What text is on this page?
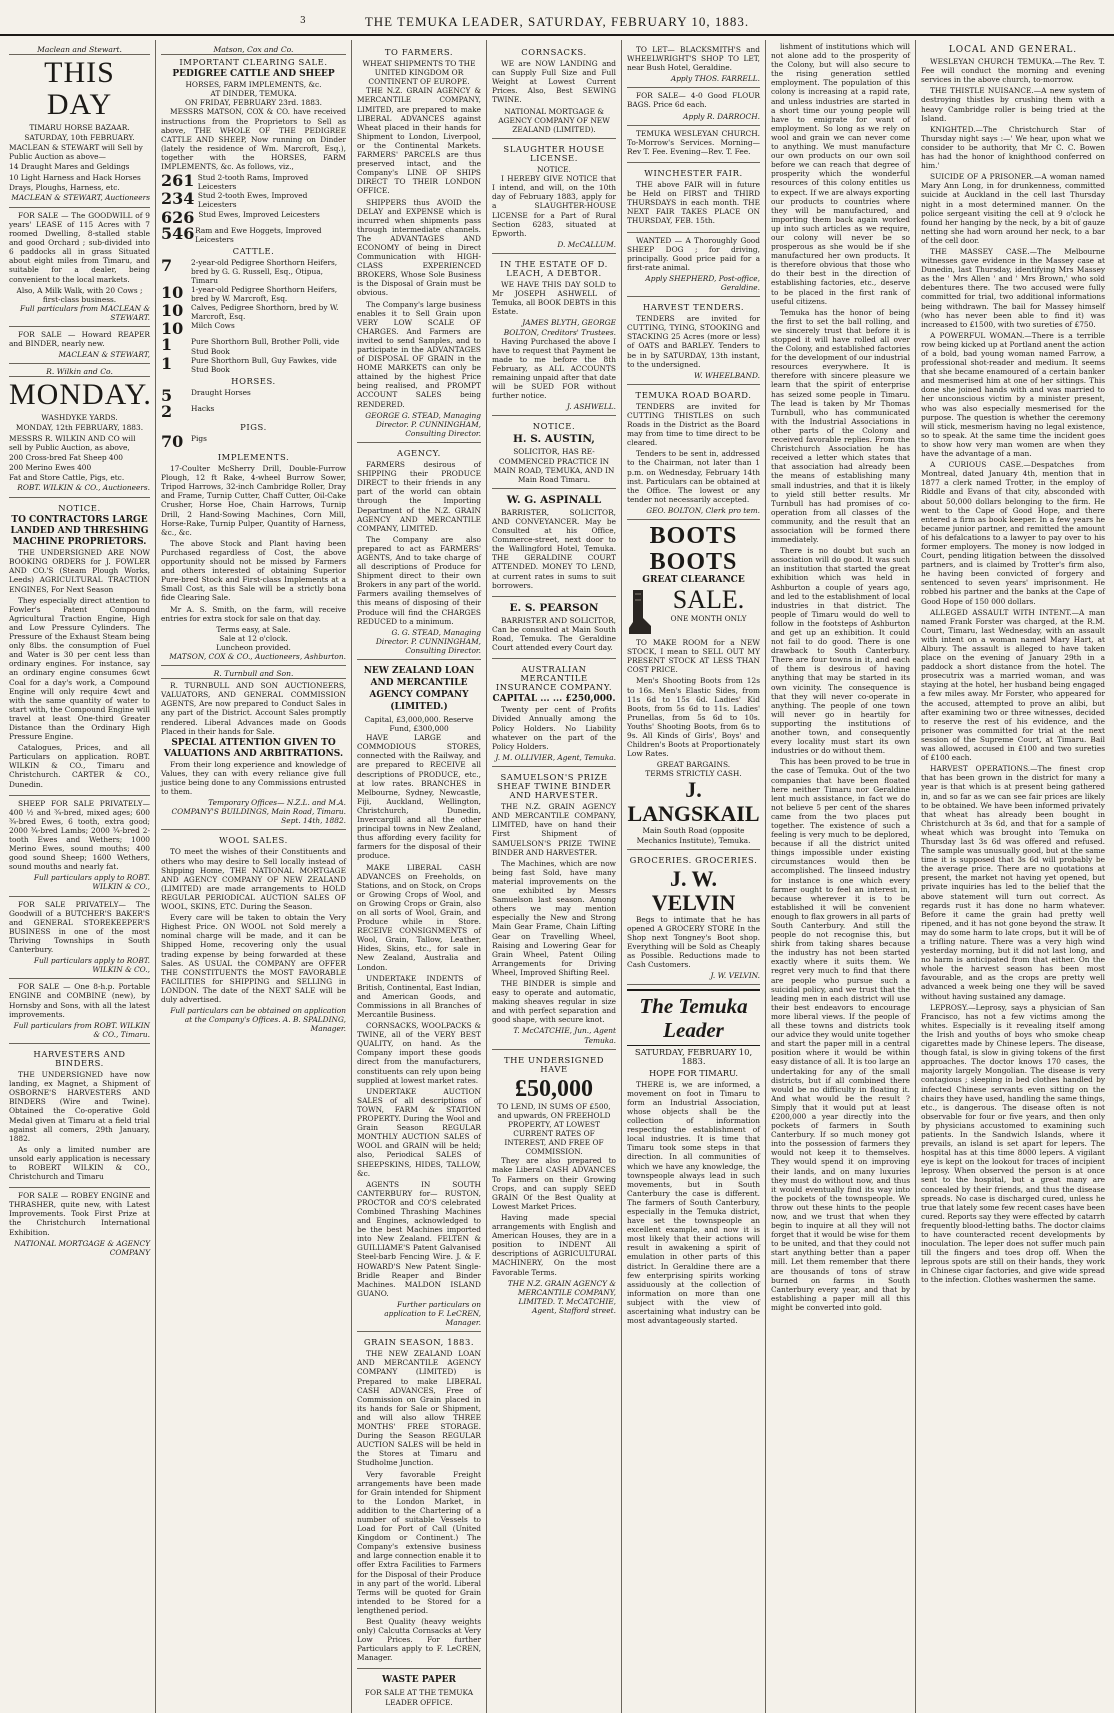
3	THE TEMUKA LEADER, SATURDAY, FEBRUARY 10, 1883.
Maclean and Stewart.
THIS DAY
TIMARU HORSE BAZAAR.
SATURDAY, 10th FEBRUARY.
MACLEAN & STEWART will Sell by Public Auction as above—
14 Draught Mares and Geldings
10 Light Harness and Hack Horses
Drays, Ploughs, Harness, etc.
MACLEAN & STEWART, Auctioneers
FOR SALE — The GOODWILL of 9 years' LEASE of 115 Acres with 7 roomed Dwelling, 8-stalled stable and good Orchard ; sub-divided into 6 paddocks all in grass Situated about eight miles from Timaru, and suitable for a dealer, being convenient to the local markets.
Also, A Milk Walk, with 20 Cows ; first-class business.
Full particulars from MACLEAN & STEWART.
FOR SALE — Howard REAPER and BINDER, nearly new.
MACLEAN & STEWART,
R. Wilkin and Co.
MONDAY.
WASHDYKE YARDS.
MONDAY, 12th FEBRUARY, 1883.
MESSRS R. WILKIN AND CO will sell by Public Auction, as above,
200 Cross-bred Fat Sheep 400
200 Merino Ewes 400
Fat and Store Cattle, Pigs, etc.
ROBT. WILKIN & CO., Auctioneers.
NOTICE.
TO CONTRACTORS LARGE LANDED AND THRESHING MACHINE PROPRIETORS.
THE UNDERSIGNED ARE NOW BOOKING ORDERS for J. FOWLER AND CO.'S (Steam Plough Works, Leeds) AGRICULTURAL TRACTION ENGINES, For Next Season
They especially direct attention to Fowler's Patent Compound Agricultural Traction Engine, High and Low Pressure Cylinders. The Pressure of the Exhaust Steam being only 8lbs. the consumption of Fuel and Water is 30 per cent less than ordinary engines. For instance, say an ordinary engine consumes 6cwt Coal for a day's work, a Compound Engine will only require 4cwt and with the same quantity of water to start with, the Compound Engine will travel at least One-third Greater Distance than the Ordinary High Pressure Engine.
Catalogues, Prices, and all Particulars on application. ROBT. WILKIN & CO., Timaru and Christchurch. CARTER & CO., Dunedin.
SHEEP FOR SALE PRIVATELY— 400 ½ and ¾-bred, mixed ages; 600 ¾-bred Ewes, 6 tooth, extra good; 2000 ¾-bred Lambs; 2000 ¾-bred 2-tooth Ewes and Wethers; 1000 Merino Ewes, sound mouths; 400 good sound Sheep; 1600 Wethers, sound mouths and nearly fat.
Full particulars apply to ROBT. WILKIN & CO.,
FOR SALE PRIVATELY— The Goodwill of a BUTCHER'S BAKER'S and GENERAL STOREKEEPER'S BUSINESS in one of the most Thriving Townships in South Canterbury.
Full particulars apply to ROBT. WILKIN & CO.,
FOR SALE — One 8-h.p. Portable ENGINE and COMBINE (new), by Hornsby and Sons, with all the latest improvements.
Full particulars from ROBT. WILKIN & CO., Timaru.
HARVESTERS AND BINDERS.
THE UNDERSIGNED have now landing, ex Magnet, a Shipment of OSBORNE'S HARVESTERS AND BINDERS (Wire and Twine). Obtained the Co-operative Gold Medal given at Timaru at a field trial against all comers, 29th January, 1882.
As only a limited number are unsold early application is necessary to ROBERT WILKIN & CO., Christchurch and Timaru
FOR SALE — ROBEY ENGINE and THRASHER, quite new, with Latest Improvements. Took First Prize at the Christchurch International Exhibition.
NATIONAL MORTGAGE & AGENCY COMPANY
Matson, Cox and Co.
IMPORTANT CLEARING SALE.
PEDIGREE CATTLE AND SHEEP
HORSES, FARM IMPLEMENTS, &c.
AT DINDER, TEMUKA.
ON FRIDAY, FEBRUARY 23rd. 1883.
MESSRS MATSON, COX & CO. have received instructions from the Proprietors to Sell as above, THE WHOLE OF THE PEDIGREE CATTLE AND SHEEP, Now running on Dinder (lately the residence of Wm. Marcroft, Esq.), together with the HORSES, FARM IMPLEMENTS, &c. As follows, viz.,
261 Stud 2-tooth Rams, Improved Leicesters
234 Stud 2-tooth Ewes, Improved Leicesters
626 Stud Ewes, Improved Leicesters
546 Ram and Ewe Hoggets, Improved Leicesters
CATTLE.
7	2-year-old Pedigree Shorthorn Heifers, bred by G. G. Russell, Esq., Otipua, Timaru
10	1-year-old Pedigree Shorthorn Heifers, bred by W. Marcroft, Esq.
10	Calves, Pedigree Shorthorn, bred by W. Marcroft, Esq.
10	Milch Cows
1	Pure Shorthorn Bull, Brother Polli, vide Stud Book
1	Pure Shorthorn Bull, Guy Fawkes, vide Stud Book
HORSES.
5	Draught Horses
2	Hacks
PIGS.
70	Pigs
IMPLEMENTS.
17-Coulter McSherry Drill, Double-Furrow Plough, 12 ft Rake, 4-wheel Burrow Sower, Tripod Harrows, 32-inch Cambridge Roller, Dray and Frame, Turnip Cutter, Chaff Cutter, Oil-Cake Crusher, Horse Hoe, Chain Harrows, Turnip Drill, 2 Hand-Sowing Machines, Corn Mill, Horse-Rake, Turnip Pulper, Quantity of Harness, &c., &c.
The above Stock and Plant having been Purchased regardless of Cost, the above opportunity should not be missed by Farmers and others interested of obtaining Superior Pure-bred Stock and First-class Implements at a Small Cost, as this Sale will be a strictly bona fide Clearing Sale.
Mr A. S. Smith, on the farm, will receive entries for extra stock for sale on that day.
Terms easy, at Sale.
Sale at 12 o'clock.
Luncheon provided.
MATSON, COX & CO., Auctioneers, Ashburton.
R. Turnbull and Son.
R. TURNBULL AND SON AUCTIONEERS, VALUATORS, AND GENERAL COMMISSION AGENTS, Are now prepared to Conduct Sales in any part of the District. Account Sales promptly rendered. Liberal Advances made on Goods Placed in their hands for Sale.
SPECIAL ATTENTION GIVEN TO VALUATIONS AND ARBITRATIONS.
From their long experience and knowledge of Values, they can with every reliance give full justice being done to any Commissions entrusted to them.
Temporary Offices— N.Z.L. and M.A. COMPANY'S BUILDINGS, Main Road, Timaru. Sept. 14th, 1882.
WOOL SALES.
TO meet the wishes of their Constituents and others who may desire to Sell locally instead of Shipping Home, THE NATIONAL MORTGAGE AND AGENCY COMPANY OF NEW ZEALAND (LIMITED) are made arrangements to HOLD REGULAR PERIODICAL AUCTION SALES OF WOOL, SKINS, ETC. During the Season.
Every care will be taken to obtain the Very Highest Price. ON WOOL not Sold merely a nominal charge will be made, and it can be Shipped Home, recovering only the usual trading expense by being forwarded at these Sales. AS USUAL the COMPANY are OFFER THE CONSTITUENTS the MOST FAVORABLE FACILITIES for SHIPPING and SELLING in LONDON. The date of the NEXT SALE will be duly advertised.
Full particulars can be obtained on application at the Company's Offices. A. B. SPALDING, Manager.
TO FARMERS.
WHEAT SHIPMENTS TO THE UNITED KINGDOM OR CONTINENT OF EUROPE.
THE N.Z. GRAIN AGENCY & MERCANTILE COMPANY, LIMITED, are prepared to make LIBERAL ADVANCES against Wheat placed in their hands for Shipment to London, Liverpool, or the Continental Markets. FARMERS' PARCELS are thus preserved intact, and the Company's LINE OF SHIPS DIRECT TO THEIR LONDON OFFICE.
SHIPPERS thus AVOID the DELAY and EXPENSE which is incurred when shipments pass through intermediate channels. The ADVANTAGES AND ECONOMY of being in Direct Communication with HIGH-CLASS EXPERIENCED BROKERS, Whose Sole Business is the Disposal of Grain must be obvious.
The Company's large business enables it to Sell Grain upon VERY LOW SCALE OF CHARGES. And Farmers are invited to send Samples, and to participate in the ADVANTAGES of DISPOSAL OF GRAIN in the HOME MARKETS can only be attained by the highest Price being realised, and PROMPT ACCOUNT SALES being RENDERED.
GEORGE G. STEAD, Managing Director. P. CUNNINGHAM, Consulting Director.
AGENCY.
FARMERS desirous of SHIPPING their PRODUCE DIRECT to their friends in any part of the world can obtain through the Importing Department of the N.Z. GRAIN AGENCY AND MERCANTILE COMPANY, LIMITED.
The Company are also prepared to act as FARMERS' AGENTS, And to take charge of all descriptions of Produce for Shipment direct to their own Brokers in any part of the world. Farmers availing themselves of this means of disposing of their Produce will find the CHARGES REDUCED to a minimum.
G. G. STEAD, Managing Director. P. CUNNINGHAM, Consulting Director.
NEW ZEALAND LOAN AND MERCANTILE AGENCY COMPANY (LIMITED.)
Capital, £3,000,000. Reserve Fund, £300,000
HAVE LARGE and COMMODIOUS STORES, connected with the Railway, and are prepared to RECEIVE all descriptions of PRODUCE, etc., at low rates. BRANCHES in Melbourne, Sydney, Newcastle, Fiji, Auckland, Wellington, Christchurch, Dunedin, Invercargill and all the other principal towns in New Zealand, thus affording every facility for farmers for the disposal of their produce.
MAKE LIBERAL CASH ADVANCES on Freeholds, on Stations, and on Stock, on Crops or Growing Crops of Wool, and on Growing Crops or Grain, also on all sorts of Wool, Grain, and Produce while in Store. RECEIVE CONSIGNMENTS of Wool, Grain, Tallow, Leather, Hides, Skins, etc., for sale in New Zealand, Australia and London.
UNDERTAKE INDENTS of British, Continental, East Indian, and American Goods, and Commissions in all Branches of Mercantile Business.
CORNSACKS, WOOLPACKS & TWINE, all of the VERY BEST QUALITY, on hand. As the Company import these goods direct from the manufacturers, constituents can rely upon being supplied at lowest market rates.
UNDERTAKE AUCTION SALES of all descriptions of TOWN, FARM & STATION PROPERTY. During the Wool and Grain Season REGULAR MONTHLY AUCTION SALES of WOOL and GRAIN will be held; also, Periodical SALES of SHEEPSKINS, HIDES, TALLOW, &c.
AGENTS IN SOUTH CANTERBURY for— RUSTON, PROCTOR and CO'S celebrated Combined Thrashing Machines and Engines, acknowledged to be the best Machines imported into New Zealand. FELTEN & GUILLIAME'S Patent Galvanised Steel-barb Fencing Wire. J. & F. HOWARD'S New Patent Single-Bridle Reaper and Binder Machines. MALDON ISLAND GUANO.
Further particulars on application to F. LeCREN, Manager.
GRAIN SEASON, 1883.
THE NEW ZEALAND LOAN AND MERCANTILE AGENCY COMPANY (LIMITED) is Prepared to make LIBERAL CASH ADVANCES, Free of Commission on Grain placed in its hands for Sale or Shipment, and will also allow THREE MONTHS' FREE STORAGE. During the Season REGULAR AUCTION SALES will be held in the Stores at Timaru and Studholme Junction.
Very favorable Freight arrangements have been made for Grain intended for Shipment to the London Market, in addition to the Chartering of a number of suitable Vessels to Load for Port of Call (United Kingdom or Continent.) The Company's extensive business and large connection enable it to offer Extra Facilities to Farmers for the Disposal of their Produce in any part of the world. Liberal Terms will be quoted for Grain intended to be Stored for a lengthened period.
Best Quality (heavy weights only) Calcutta Cornsacks at Very Low Prices. For further Particulars apply to F. LeCREN, Manager.
WASTE PAPER
FOR SALE AT THE TEMUKA LEADER OFFICE.
CORNSACKS.
WE are NOW LANDING and can Supply Full Size and Full Weight at Lowest Current Prices. Also, Best SEWING TWINE.
NATIONAL MORTGAGE & AGENCY COMPANY OF NEW ZEALAND (LIMITED).
SLAUGHTER HOUSE LICENSE.
NOTICE.
I HEREBY GIVE NOTICE that I intend, and will, on the 10th day of February 1883, apply for a SLAUGHTER-HOUSE LICENSE for a Part of Rural Section 6283, situated at Epworth.
D. McCALLUM.
IN THE ESTATE OF D. LEACH, A DEBTOR.
WE HAVE THIS DAY SOLD to Mr JOSEPH ASHWELL of Temuka, all BOOK DEBTS in this Estate.
JAMES BLYTH, GEORGE BOLTON, Creditors' Trustees.
Having Purchased the above I have to request that Payment be made to me before the 8th February, as ALL ACCOUNTS remaining unpaid after that date will be SUED FOR without further notice.
J. ASHWELL.
NOTICE.
H. S. AUSTIN,
SOLICITOR, HAS RE-COMMENCED PRACTICE IN MAIN ROAD, TEMUKA, AND IN Main Road Timaru.
W. G. ASPINALL
BARRISTER, SOLICITOR, AND CONVEYANCER. May be Consulted at his Office, Commerce-street, next door to the Wallingford Hotel, Temuka. THE GERALDINE COURT ATTENDED. MONEY TO LEND, at current rates in sums to suit borrowers.
E. S. PEARSON
BARRISTER AND SOLICITOR, Can be consulted at Main South Road, Temuka. The Geraldine Court attended every Court day.
AUSTRALIAN MERCANTILE INSURANCE COMPANY.
CAPITAL ... ... £250,000.
Twenty per cent of Profits Divided Annually among the Policy Holders. No Liability whatever on the part of the Policy Holders.
J. M. OLLIVIER, Agent, Temuka.
SAMUELSON'S PRIZE SHEAF TWINE BINDER AND HARVESTER.
THE N.Z. GRAIN AGENCY AND MERCANTILE COMPANY, LIMITED, have on hand their First Shipment of SAMUELSON'S PRIZE TWINE BINDER AND HARVESTER.
The Machines, which are now being fast Sold, have many material improvements on the one exhibited by Messrs Samuelson last season. Among others we may mention especially the New and Strong Main Gear Frame, Chain Lifting Gear on Travelling Wheel, Raising and Lowering Gear for Grain Wheel, Patent Oiling Arrangements for Driving Wheel, Improved Shifting Reel.
THE BINDER is simple and easy to operate and automatic, making sheaves regular in size and with perfect separation and good shape, with secure knot.
T. McCATCHIE, Jun., Agent Temuka.
THE UNDERSIGNED HAVE
£50,000
TO LEND, IN SUMS OF £500, and upwards, ON FREEHOLD PROPERTY, AT LOWEST CURRENT RATES OF INTEREST, AND FREE OF COMMISSION.
They are also prepared to make Liberal CASH ADVANCES To Farmers on their Growing Crops, and can supply SEED GRAIN Of the Best Quality at Lowest Market Prices.
Having made special arrangements with English and American Houses, they are in a position to INDENT All descriptions of AGRICULTURAL MACHINERY, On the most Favorable Terms.
THE N.Z. GRAIN AGENCY & MERCANTILE COMPANY, LIMITED. T. McCATCHIE, Agent, Stafford street.
TO LET— BLACKSMITH'S and WHEELWRIGHT'S SHOP TO LET, near Bush Hotel, Geraldine.
Apply THOS. FARRELL.
FOR SALE— 4-0 Good FLOUR BAGS. Price 6d each.
Apply R. DARROCH.
TEMUKA WESLEYAN CHURCH. To-Morrow's Services. Morning—Rev T. Fee. Evening—Rev. T. Fee.
WINCHESTER FAIR.
THE above FAIR will in future be Held on FIRST and THIRD THURSDAYS in each month. THE NEXT FAIR TAKES PLACE ON THURSDAY, FEB. 15th.
WANTED — A Thoroughly Good SHEEP DOG ; for driving, principally. Good price paid for a first-rate animal.
Apply SHEPHERD, Post-office, Geraldine.
HARVEST TENDERS.
TENDERS are invited for CUTTING, TYING, STOOKING and STACKING 25 Acres (more or less) of OATS and BARLEY. Tenders to be in by SATURDAY, 13th instant, to the undersigned.
W. WHEELBAND.
TEMUKA ROAD BOARD.
TENDERS are invited for CUTTING THISTLES on such Roads in the District as the Board may from time to time direct to be cleared.
Tenders to be sent in, addressed to the Chairman, not later than 1 p.m. on Wednesday, February 14th inst. Particulars can be obtained at the Office. The lowest or any tender not necessarily accepted.
GEO. BOLTON, Clerk pro tem.
BOOTS BOOTS
GREAT CLEARANCE
SALE.
ONE MONTH ONLY
TO MAKE ROOM for a NEW STOCK, I mean to SELL OUT MY PRESENT STOCK AT LESS THAN COST PRICE.
Men's Shooting Boots from 12s to 16s. Men's Elastic Sides, from 11s 6d to 15s 6d. Ladies' Kid Boots, from 5s 6d to 11s. Ladies' Prunellas, from 5s 6d to 10s. Youths' Shooting Boots, from 6s to 9s. All Kinds of Girls', Boys' and Children's Boots at Proportionately Low Rates.
GREAT BARGAINS.
TERMS STRICTLY CASH.
J. LANGSKAIL
Main South Road (opposite Mechanics Institute), Temuka.
GROCERIES. GROCERIES.
J. W. VELVIN
Begs to intimate that he has opened A GROCERY STORE In the Shop next Tongney's Boot shop. Everything will be Sold as Cheaply as Possible. Reductions made to Cash Customers.
J. W. VELVIN.
The Temuka Leader
SATURDAY, FEBRUARY 10, 1883.
HOPE FOR TIMARU.
THERE is, we are informed, a movement on foot in Timaru to form an Industrial Association, whose objects shall be the collection of information respecting the establishment of local industries. It is time that Timaru took some steps in that direction. In all communities of which we have any knowledge, the townspeople always lead in such movements, but in South Canterbury the case is different. The farmers of South Canterbury, especially in the Temuka district, have set the townspeople an excellent example, and now it is most likely that their actions will result in awakening a spirit of emulation in other parts of this district. In Geraldine there are a few enterprising spirits working assiduously at the collection of information on more than one subject with the view of ascertaining what industry can be most advantageously started.
lishment of institutions which will not alone add to the prosperity of the Colony, but will also secure to the rising generation settled employment. The population of this colony is increasing at a rapid rate, and unless industries are started in a short time our young people will have to emigrate for want of employment. So long as we rely on wool and grain we can never come to anything. We must manufacture our own products on our own soil before we can reach that degree of prosperity which the wonderful resources of this colony entitles us to expect. If we are always exporting our products to countries where they will be manufactured, and importing them back again worked up into such articles as we require, our colony will never be so prosperous as she would be if she manufactured her own products. It is therefore obvious that those who do their best in the direction of establishing factories, etc., deserve to be placed in the first rank of useful citizens.
Temuka has the honor of being the first to set the ball rolling, and we sincerely trust that before it is stopped it will have rolled all over the Colony, and established factories for the development of our industrial resources everywhere. It is therefore with sincere pleasure we learn that the spirit of enterprise has seized some people in Timaru. The lead is taken by Mr Thomas Turnbull, who has communicated with the Industrial Associations in other parts of the Colony and received favorable replies. From the Christchurch Association he has received a letter which states that that association had already been the means of establishing many small industries, and that it is likely to yield still better results. Mr Turnbull has had promises of co-operation from all classes of the community, and the result that an association will be formed there immediately.
There is no doubt but such an association will do good. It was such an institution that started the great exhibition which was held in Ashburton a couple of years ago, and led to the establishment of local industries in that district. The people of Timaru would do well to follow in the footsteps of Ashburton and get up an exhibition. It could not fail to do good. There is one drawback to South Canterbury. There are four towns in it, and each of them is desirous of having anything that may be started in its own vicinity. The consequence is that they will never co-operate in anything. The people of one town will never go in heartily for supporting the institutions of another town, and consequently every locality must start its own industries or do without them.
This has been proved to be true in the case of Temuka. Out of the two companies that have been floated here neither Timaru nor Geraldine lent much assistance, in fact we do not believe 5 per cent of the shares came from the two places put together. The existence of such a feeling is very much to be deplored, because if all the district united things impossible under existing circumstances would then be accomplished. The linseed industry for instance is one which every farmer ought to feel an interest in, because wherever it is to be established it will be convenient enough to flax growers in all parts of South Canterbury. And still the people do not recognise this, but shirk from taking shares because the industry has not been started exactly where it suits them. We regret very much to find that there are people who pursue such a suicidal policy, and we trust that the leading men in each district will use their best endeavors to encourage more liberal views. If the people of all these towns and districts took our advice they would unite together and start the paper mill in a central position where it would be within easy distance of all. It is too large an undertaking for any of the small districts, but if all combined there would be no difficulty in floating it. And what would be the result ? Simply that it would put at least £200,000 a year directly into the pockets of farmers in South Canterbury. If so much money got into the possession of farmers they would not keep it to themselves. They would spend it on improving their lands, and on many luxuries they must do without now, and thus it would eventually find its way into the pockets of the townspeople. We throw out these hints to the people now, and we trust that when they begin to inquire at all they will not forget that it would be wise for them to be united, and that they could not start anything better than a paper mill. Let them remember that there are thousands of tons of straw burned on farms in South Canterbury every year, and that by establishing a paper mill all this might be converted into gold.
LOCAL AND GENERAL.
WESLEYAN CHURCH TEMUKA.—The Rev. T. Fee will conduct the morning and evening services in the above church, to-morrow.
THE THISTLE NUISANCE.—A new system of destroying thistles by crushing them with a heavy Cambridge roller is being tried at the Island.
KNIGHTED.—The Christchurch Star of Thursday night says :—' We hear, upon what we consider to be authority, that Mr C. C. Bowen has had the honor of knighthood conferred on him.'
SUICIDE OF A PRISONER.—A woman named Mary Ann Long, in for drunkenness, committed suicide at Auckland in the cell last Thursday night in a most determined manner. On the police sergeant visiting the cell at 9 o'clock he found her hanging by the neck, by a bit of gauze netting she had worn around her neck, to a bar of the cell door.
THE MASSEY CASE.—The Melbourne witnesses gave evidence in the Massey case at Dunedin, last Thursday, identifying Mrs Massey as the ' Mrs Allen ' and ' Mrs Brown,' who sold debentures there. The two accused were fully committed for trial, two additional informations being withdrawn. The bail for Massey himself (who has never been able to find it) was increased to £1500, with two sureties of £750.
A POWERFUL WOMAN.—There is a terrible row being kicked up at Portland anent the action of a bold, bad young woman named Farrow, a professional shot-reader and medium. It seems that she became enamoured of a certain banker and mesmerised him at one of her sittings. This done she joined hands with and was married to her unconscious victim by a minister present, who was also especially mesmerised for the purpose. The question is whether the ceremony will stick, mesmerism having no legal existence, so to speak. At the same time the incident goes to show how very man women are when they have the advantage of a man.
A CURIOUS CASE.—Despatches from Montreal, dated January 4th, mention that in 1877 a clerk named Trotter, in the employ of Riddle and Evans of that city, absconded with about 50,000 dollars belonging to the firm. He went to the Cape of Good Hope, and there entered a firm as book keeper. In a few years he became junior partner, and remitted the amount of his defalcations to a lawyer to pay over to his former employers. The money is now lodged in Court, pending litigation between the dissolved partners, and is claimed by Trotter's firm also, he having been convicted of forgery and sentenced to seven years' imprisonment. He robbed his partner and the banks at the Cape of Good Hope of 150 000 dollars.
ALLEGED ASSAULT WITH INTENT.—A man named Frank Forster was charged, at the R.M. Court, Timaru, last Wednesday, with an assault with intent on a woman named Mary Hart, at Albury. The assault is alleged to have taken place on the evening of January 29th in a paddock a short distance from the hotel. The prosecutrix was a married woman, and was staying at the hotel, her husband being engaged a few miles away. Mr Forster, who appeared for the accused, attempted to prove an alibi, but after examining two or three witnesses, decided to reserve the rest of his evidence, and the prisoner was committed for trial at the next session of the Supreme Court, at Timaru. Bail was allowed, accused in £100 and two sureties of £100 each.
HARVEST OPERATIONS.—The finest crop that has been grown in the district for many a year is that which is at present being gathered in, and so far as we can see fair prices are likely to be obtained. We have been informed privately that wheat has already been bought in Christchurch at 3s 6d, and that for a sample of wheat which was brought into Temuka on Thursday last 3s 6d was offered and refused. The sample was unusually good, but at the same time it is supposed that 3s 6d will probably be the average price. There are no quotations at present, the market not having yet opened, but private inquiries has led to the belief that the above statement will turn out correct. As regards rust it has done no harm whatever. Before it came the grain had pretty well ripened, and it has not gone beyond the straw. It may do some harm to late crops, but it will be of a trifling nature. There was a very high wind yesterday morning, but it did not last long, and no harm is anticipated from that either. On the whole the harvest season has been most favourable, and as the crops are pretty well advanced a week being one they will be saved without having sustained any damage.
LEPROSY.—Leprosy, says a physician of San Francisco, has not a few victims among the whites. Especially is it revealing itself among the Irish and youths of boys who smoke cheap cigarettes made by Chinese lepers. The disease, though fatal, is slow in giving tokens of the first approaches. The doctor knows 170 cases, the majority largely Mongolian. The disease is very contagious ; sleeping in bed clothes handled by infected Chinese servants even sitting on the chairs they have used, handling the same things, etc., is dangerous. The disease often is not observable for four or five years, and then only by physicians accustomed to examining such patients. In the Sandwich Islands, where it prevails, an island is set apart for lepers. The hospital has at this time 8000 lepers. A vigilant eye is kept on the lookout for traces of incipient leprosy. When observed the person is at once sent to the hospital, but a great many are concealed by their friends, and thus the disease spreads. No case is discharged cured, unless he true that lately some few recent cases have been cured. Reports say they were effected by catarrh frequently blood-letting baths. The doctor claims to have counteracted recent developments by inoculation. The leper does not suffer much pain till the fingers and toes drop off. When the leprous spots are still on their hands, they work in Chinese cigar factories, and give wide spread to the infection. Clothes washermen the same.
